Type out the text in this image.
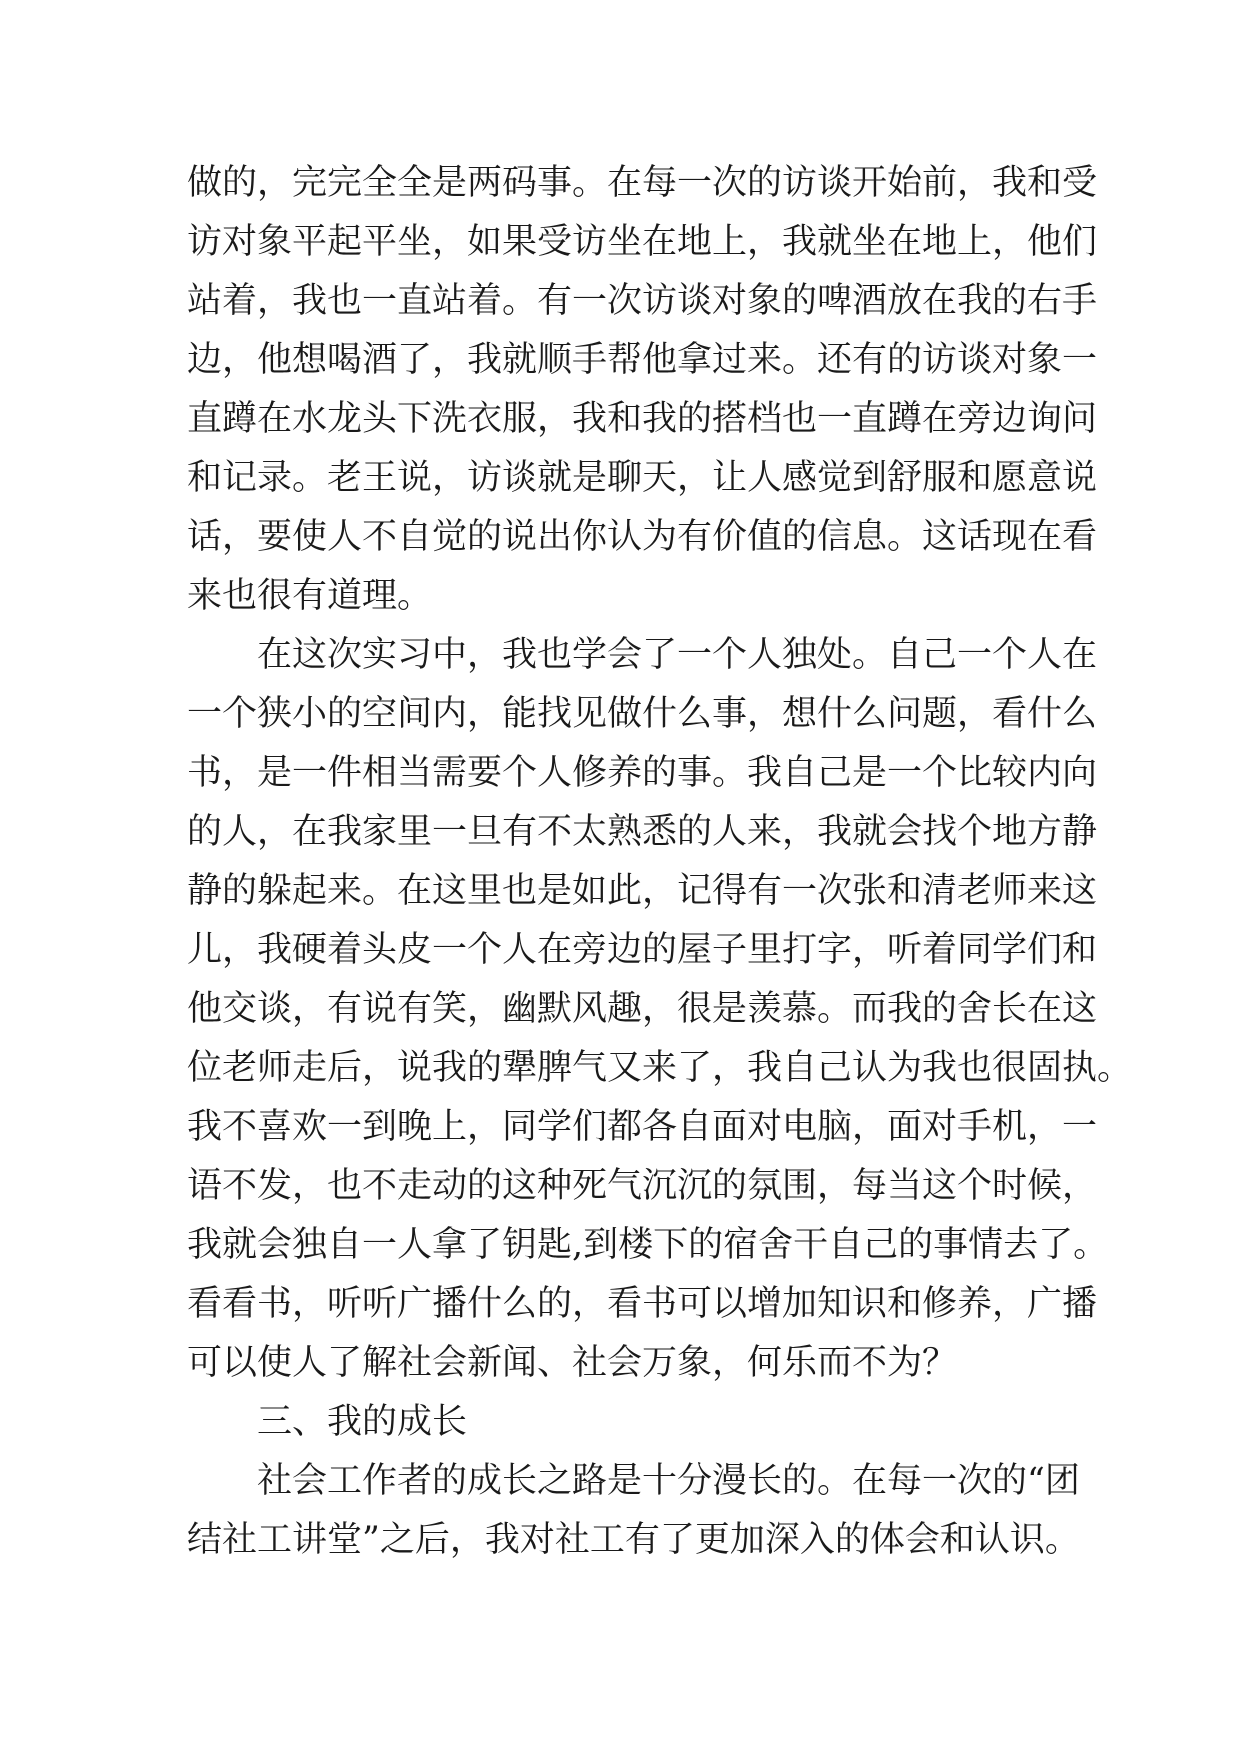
做的，完完全全是两码事。在每一次的访谈开始前，我和受
访对象平起平坐，如果受访坐在地上，我就坐在地上，他们
站着，我也一直站着。有一次访谈对象的啤酒放在我的右手
边，他想喝酒了，我就顺手帮他拿过来。还有的访谈对象一
直蹲在水龙头下洗衣服，我和我的搭档也一直蹲在旁边询问
和记录。老王说，访谈就是聊天，让人感觉到舒服和愿意说
话，要使人不自觉的说出你认为有价值的信息。这话现在看
来也很有道理。
在这次实习中，我也学会了一个人独处。自己一个人在
一个狭小的空间内，能找见做什么事，想什么问题，看什么
书，是一件相当需要个人修养的事。我自己是一个比较内向
的人，在我家里一旦有不太熟悉的人来，我就会找个地方静
静的躲起来。在这里也是如此，记得有一次张和清老师来这
儿，我硬着头皮一个人在旁边的屋子里打字，听着同学们和
他交谈，有说有笑，幽默风趣，很是羡慕。而我的舍长在这
位老师走后，说我的犟脾气又来了，我自己认为我也很固执。
我不喜欢一到晚上，同学们都各自面对电脑，面对手机，一
语不发，也不走动的这种死气沉沉的氛围，每当这个时候，
我就会独自一人拿了钥匙,到楼下的宿舍干自己的事情去了。
看看书，听听广播什么的，看书可以增加知识和修养，广播
可以使人了解社会新闻、社会万象，何乐而不为？
三、我的成长
社会工作者的成长之路是十分漫长的。在每一次的“团
结社工讲堂”之后，我对社工有了更加深入的体会和认识。
